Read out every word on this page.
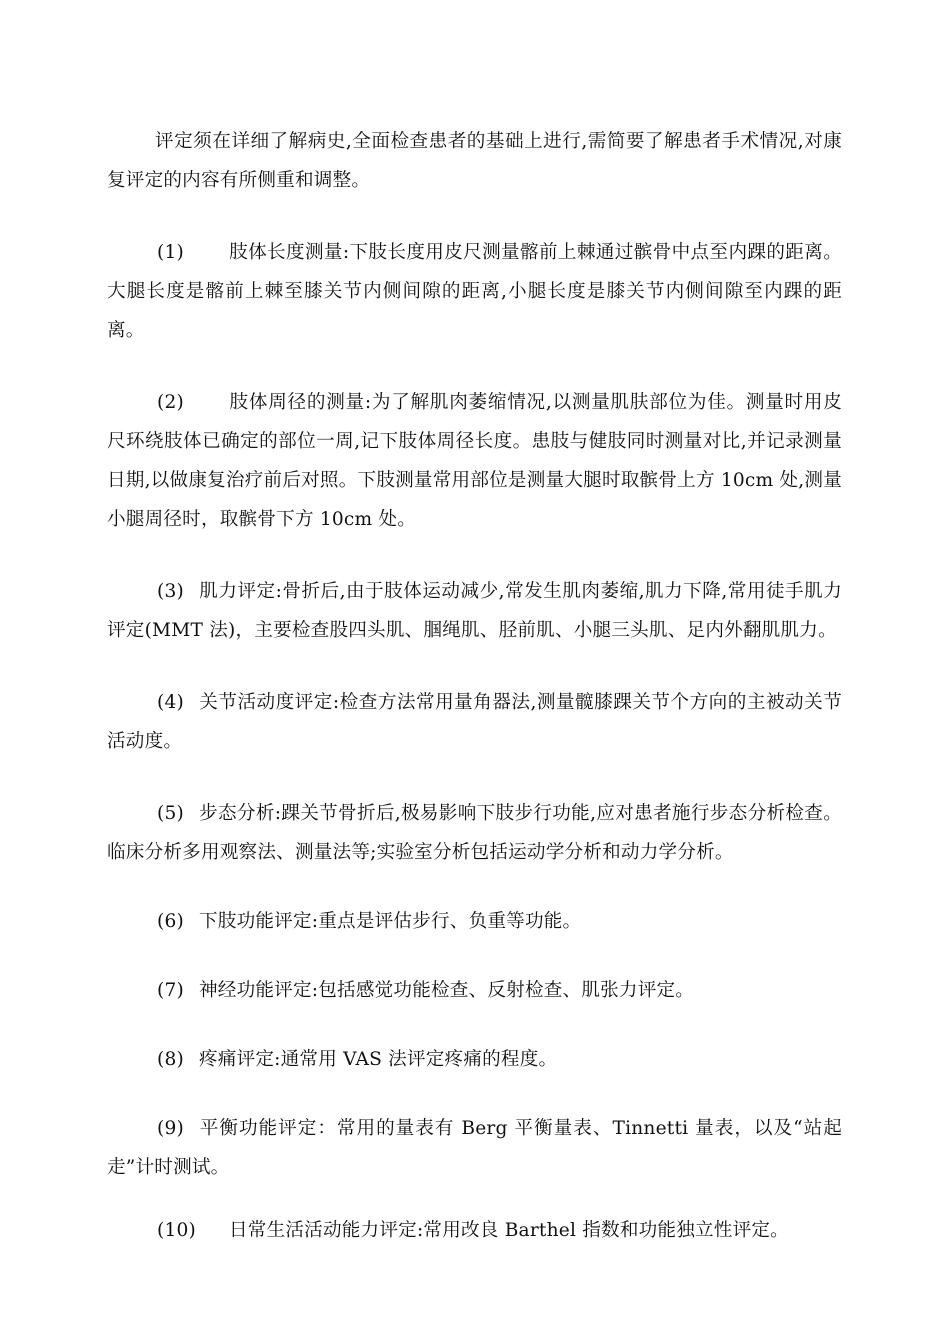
评定须在详细了解病史,全面检查患者的基础上进行,需简要了解患者手术情况,对康复评定的内容有所侧重和调整。

(1) 肢体长度测量:下肢长度用皮尺测量髂前上棘通过髌骨中点至内踝的距离。大腿长度是髂前上棘至膝关节内侧间隙的距离,小腿长度是膝关节内侧间隙至内踝的距离。

(2) 肢体周径的测量:为了解肌肉萎缩情况,以测量肌肤部位为佳。测量时用皮尺环绕肢体已确定的部位一周,记下肢体周径长度。患肢与健肢同时测量对比,并记录测量日期,以做康复治疗前后对照。下肢测量常用部位是测量大腿时取髌骨上方 10cm 处,测量小腿周径时，取髌骨下方 10cm 处。

(3) 肌力评定:骨折后,由于肢体运动减少,常发生肌肉萎缩,肌力下降,常用徒手肌力评定(MMT 法)，主要检查股四头肌、腘绳肌、胫前肌、小腿三头肌、足内外翻肌肌力。

(4) 关节活动度评定:检查方法常用量角器法,测量髋膝踝关节个方向的主被动关节活动度。

(5) 步态分析:踝关节骨折后,极易影响下肢步行功能,应对患者施行步态分析检查。临床分析多用观察法、测量法等;实验室分析包括运动学分析和动力学分析。

(6) 下肢功能评定:重点是评估步行、负重等功能。

(7) 神经功能评定:包括感觉功能检查、反射检查、肌张力评定。

(8) 疼痛评定:通常用 VAS 法评定疼痛的程度。

(9) 平衡功能评定：常用的量表有 Berg 平衡量表、Tinnetti 量表，以及“站起走”计时测试。

(10) 日常生活活动能力评定:常用改良 Barthel 指数和功能独立性评定。
